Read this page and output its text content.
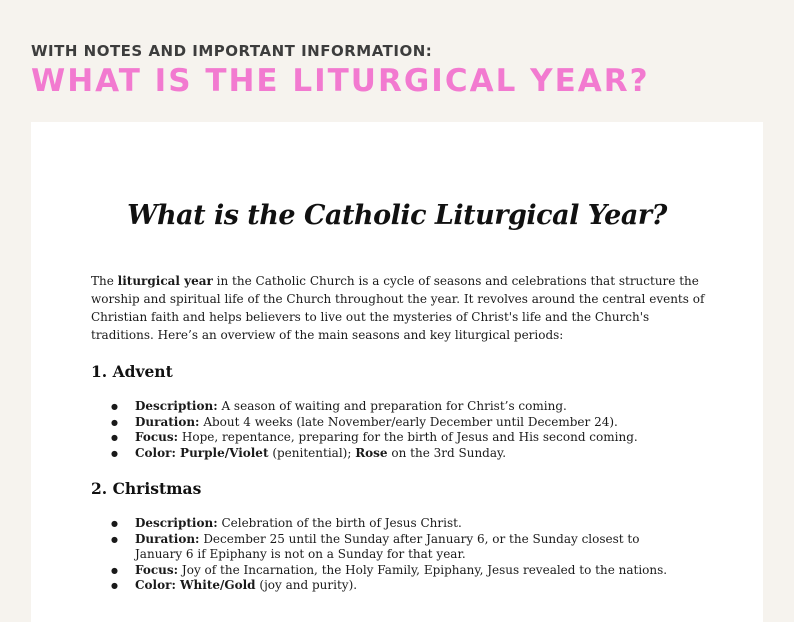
WITH NOTES AND IMPORTANT INFORMATION:

WHAT IS THE LITURGICAL YEAR?

What is the Catholic Liturgical Year?

The liturgical year in the Catholic Church is a cycle of seasons and celebrations that structure the worship and spiritual life of the Church throughout the year. It revolves around the central events of Christian faith and helps believers to live out the mysteries of Christ's life and the Church's traditions. Here’s an overview of the main seasons and key liturgical periods:

1. Advent

● Description: A season of waiting and preparation for Christ’s coming.
● Duration: About 4 weeks (late November/early December until December 24).
● Focus: Hope, repentance, preparing for the birth of Jesus and His second coming.
● Color: Purple/Violet (penitential); Rose on the 3rd Sunday.

2. Christmas

● Description: Celebration of the birth of Jesus Christ.
● Duration: December 25 until the Sunday after January 6, or the Sunday closest to January 6 if Epiphany is not on a Sunday for that year.
● Focus: Joy of the Incarnation, the Holy Family, Epiphany, Jesus revealed to the nations.
● Color: White/Gold (joy and purity).
